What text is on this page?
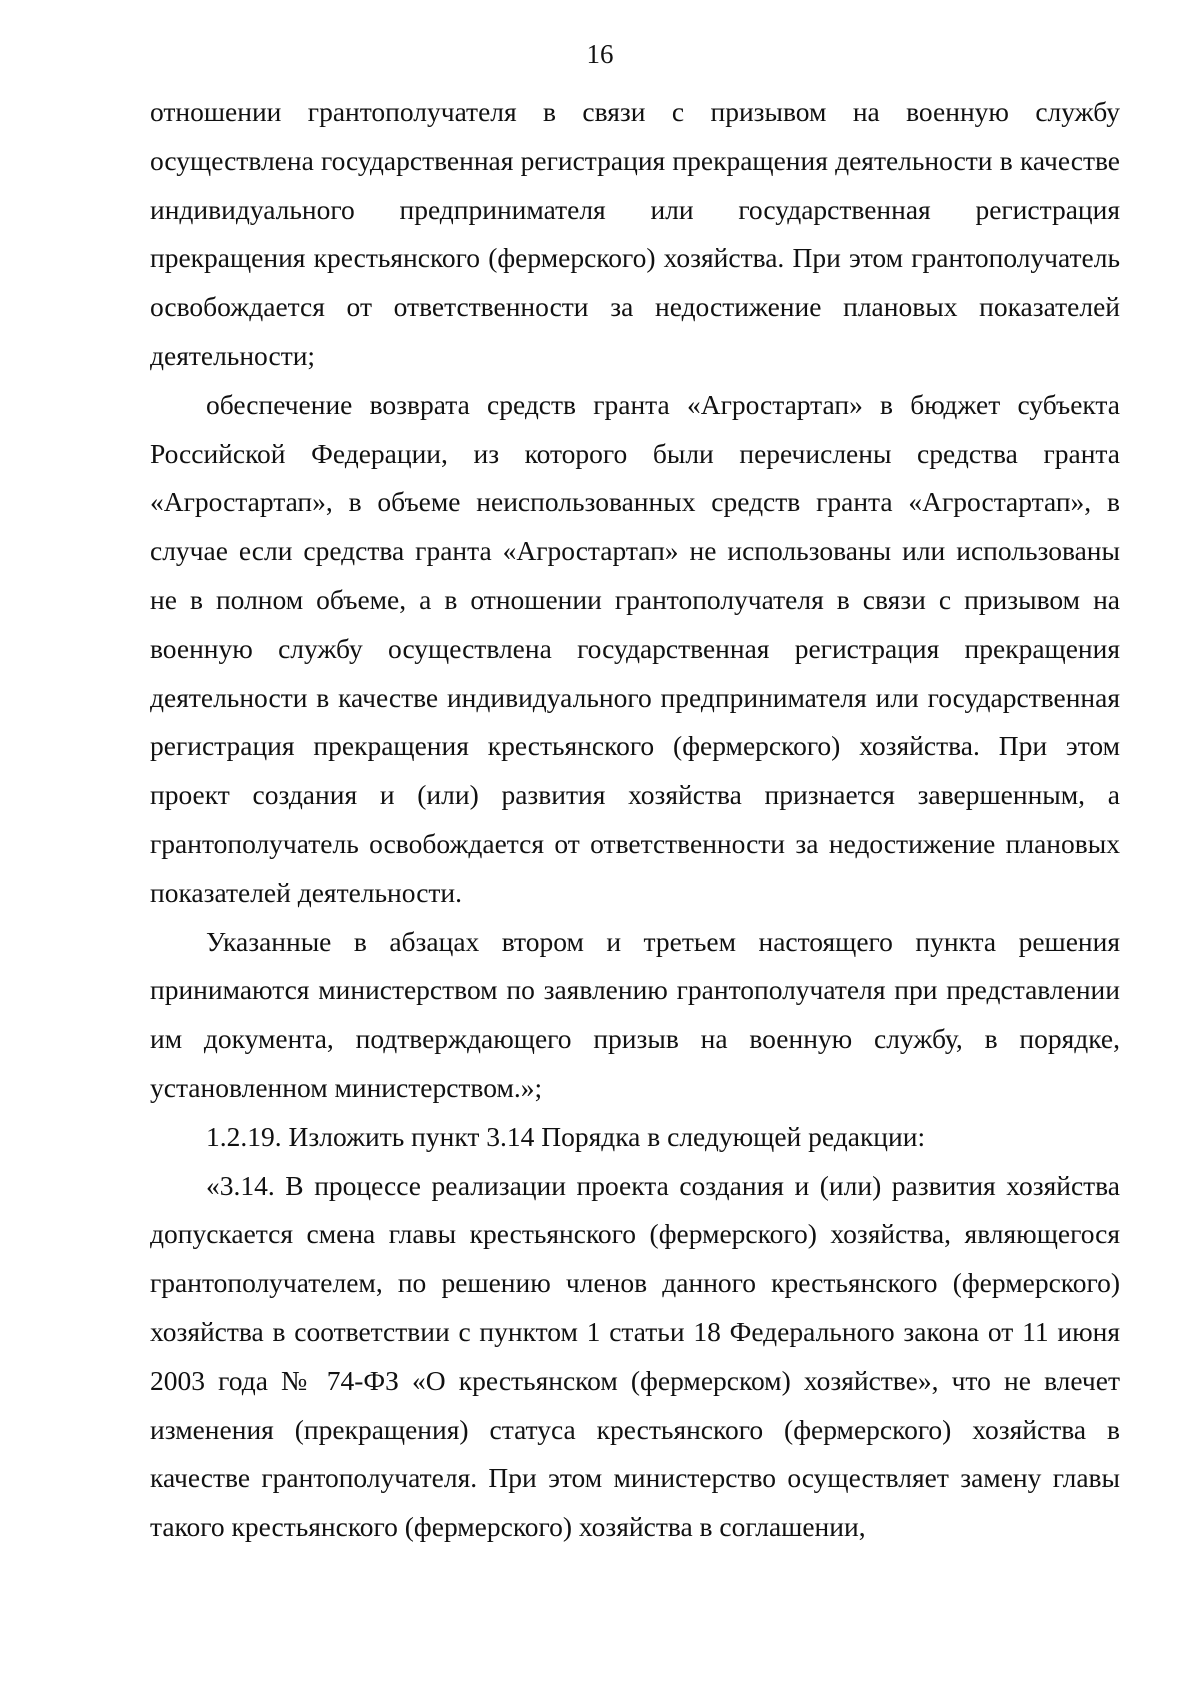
16

отношении грантополучателя в связи с призывом на военную службу осуществлена государственная регистрация прекращения деятельности в качестве индивидуального предпринимателя или государственная регистрация прекращения крестьянского (фермерского) хозяйства. При этом грантополучатель освобождается от ответственности за недостижение плановых показателей деятельности;

обеспечение возврата средств гранта «Агростартап» в бюджет субъекта Российской Федерации, из которого были перечислены средства гранта «Агростартап», в объеме неиспользованных средств гранта «Агростартап», в случае если средства гранта «Агростартап» не использованы или использованы не в полном объеме, а в отношении грантополучателя в связи с призывом на военную службу осуществлена государственная регистрация прекращения деятельности в качестве индивидуального предпринимателя или государственная регистрация прекращения крестьянского (фермерского) хозяйства. При этом проект создания и (или) развития хозяйства признается завершенным, а грантополучатель освобождается от ответственности за недостижение плановых показателей деятельности.

Указанные в абзацах втором и третьем настоящего пункта решения принимаются министерством по заявлению грантополучателя при представлении им документа, подтверждающего призыв на военную службу, в порядке, установленном министерством.»;

1.2.19. Изложить пункт 3.14 Порядка в следующей редакции:

«3.14. В процессе реализации проекта создания и (или) развития хозяйства допускается смена главы крестьянского (фермерского) хозяйства, являющегося грантополучателем, по решению членов данного крестьянского (фермерского) хозяйства в соответствии с пунктом 1 статьи 18 Федерального закона от 11 июня 2003 года № 74-ФЗ «О крестьянском (фермерском) хозяйстве», что не влечет изменения (прекращения) статуса крестьянского (фермерского) хозяйства в качестве грантополучателя. При этом министерство осуществляет замену главы такого крестьянского (фермерского) хозяйства в соглашении,
